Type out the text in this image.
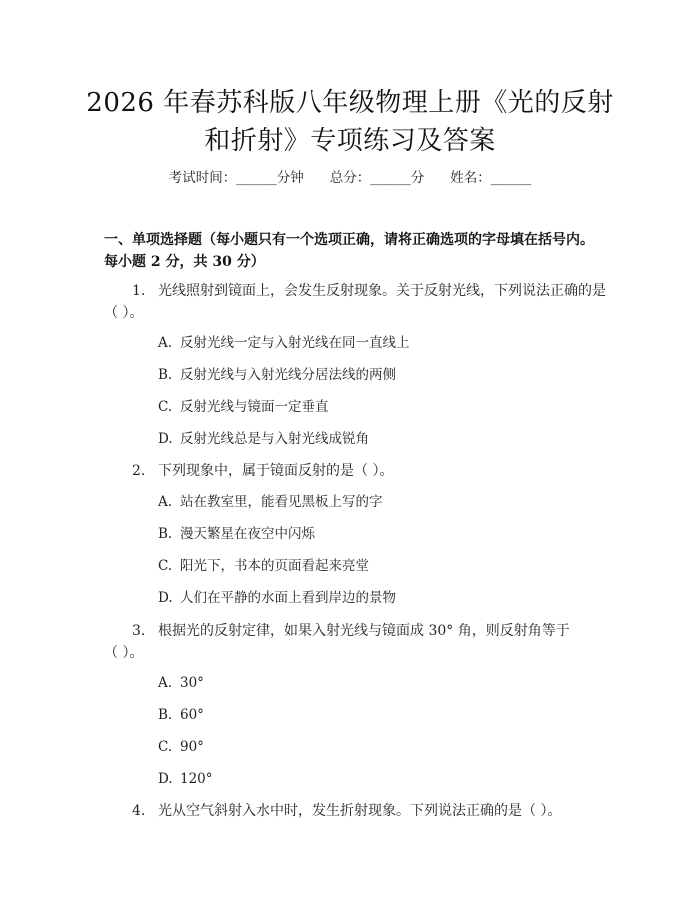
2026 年春苏科版八年级物理上册《光的反射
和折射》专项练习及答案
考试时间：______分钟 总分：______分 姓名：______
一、单项选择题（每小题只有一个选项正确，请将正确选项的字母填在括号内。
每小题 2 分，共 30 分）
1. 光线照射到镜面上，会发生反射现象。关于反射光线，下列说法正确的是
（ ）。
A. 反射光线一定与入射光线在同一直线上
B. 反射光线与入射光线分居法线的两侧
C. 反射光线与镜面一定垂直
D. 反射光线总是与入射光线成锐角
2. 下列现象中，属于镜面反射的是（ ）。
A. 站在教室里，能看见黑板上写的字
B. 漫天繁星在夜空中闪烁
C. 阳光下，书本的页面看起来亮堂
D. 人们在平静的水面上看到岸边的景物
3. 根据光的反射定律，如果入射光线与镜面成 30° 角，则反射角等于
（ ）。
A. 30°
B. 60°
C. 90°
D. 120°
4. 光从空气斜射入水中时，发生折射现象。下列说法正确的是（ ）。
